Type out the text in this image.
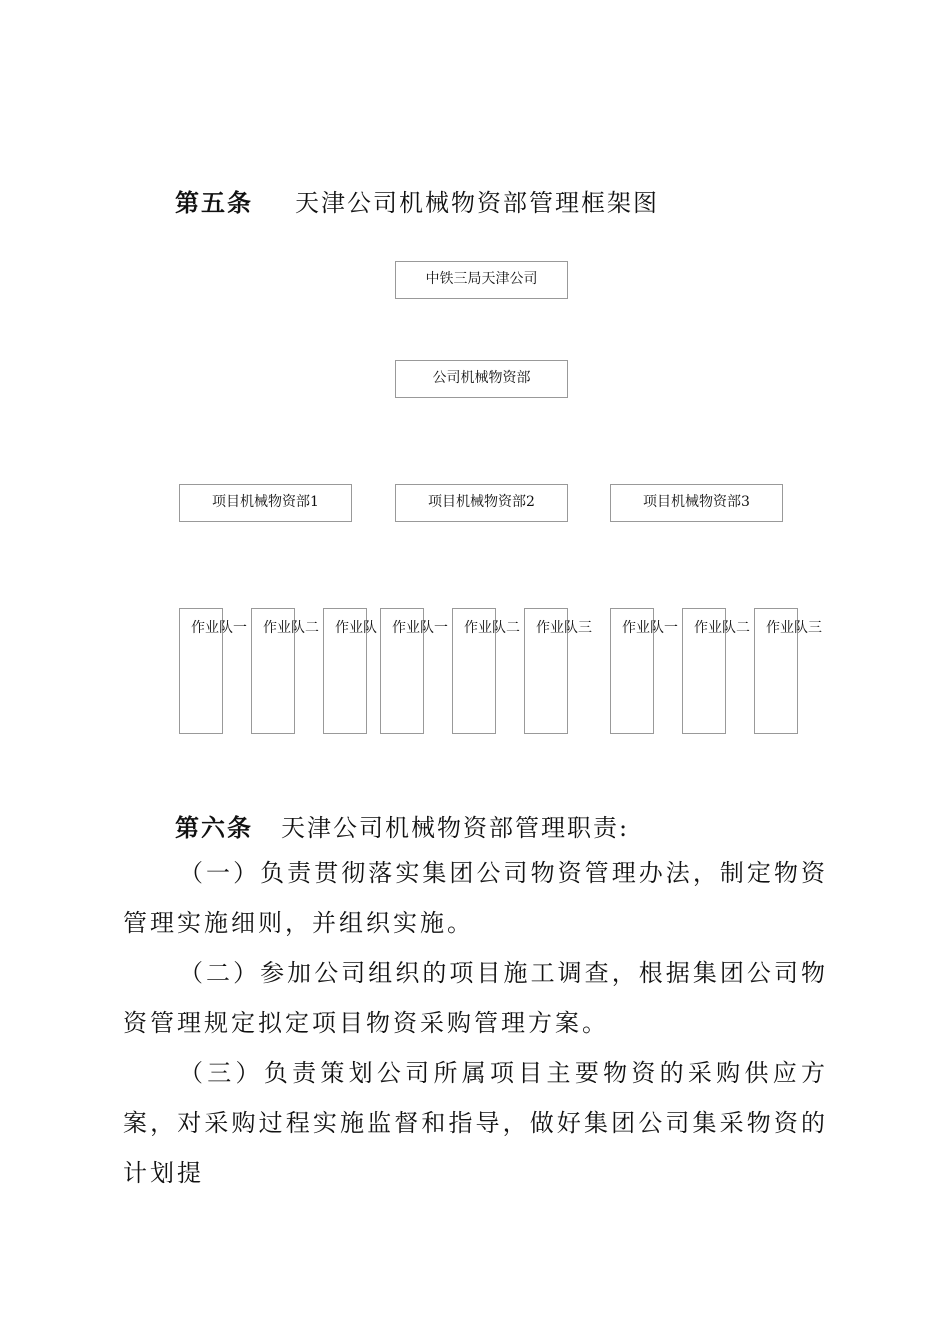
第五条 天津公司机械物资部管理框架图
中铁三局天津公司
公司机械物资部
项目机械物资部1	项目机械物资部2	项目机械物资部3
作业队一 作业队二 作业队 作业队一 作业队二 作业队三 作业队一 作业队二 作业队三
第六条 天津公司机械物资部管理职责:

（一）负责贯彻落实集团公司物资管理办法，制定物资管理实施细则，并组织实施。

（二）参加公司组织的项目施工调查，根据集团公司物资管理规定拟定项目物资采购管理方案。

（三）负责策划公司所属项目主要物资的采购供应方案，对采购过程实施监督和指导，做好集团公司集采物资的计划提
